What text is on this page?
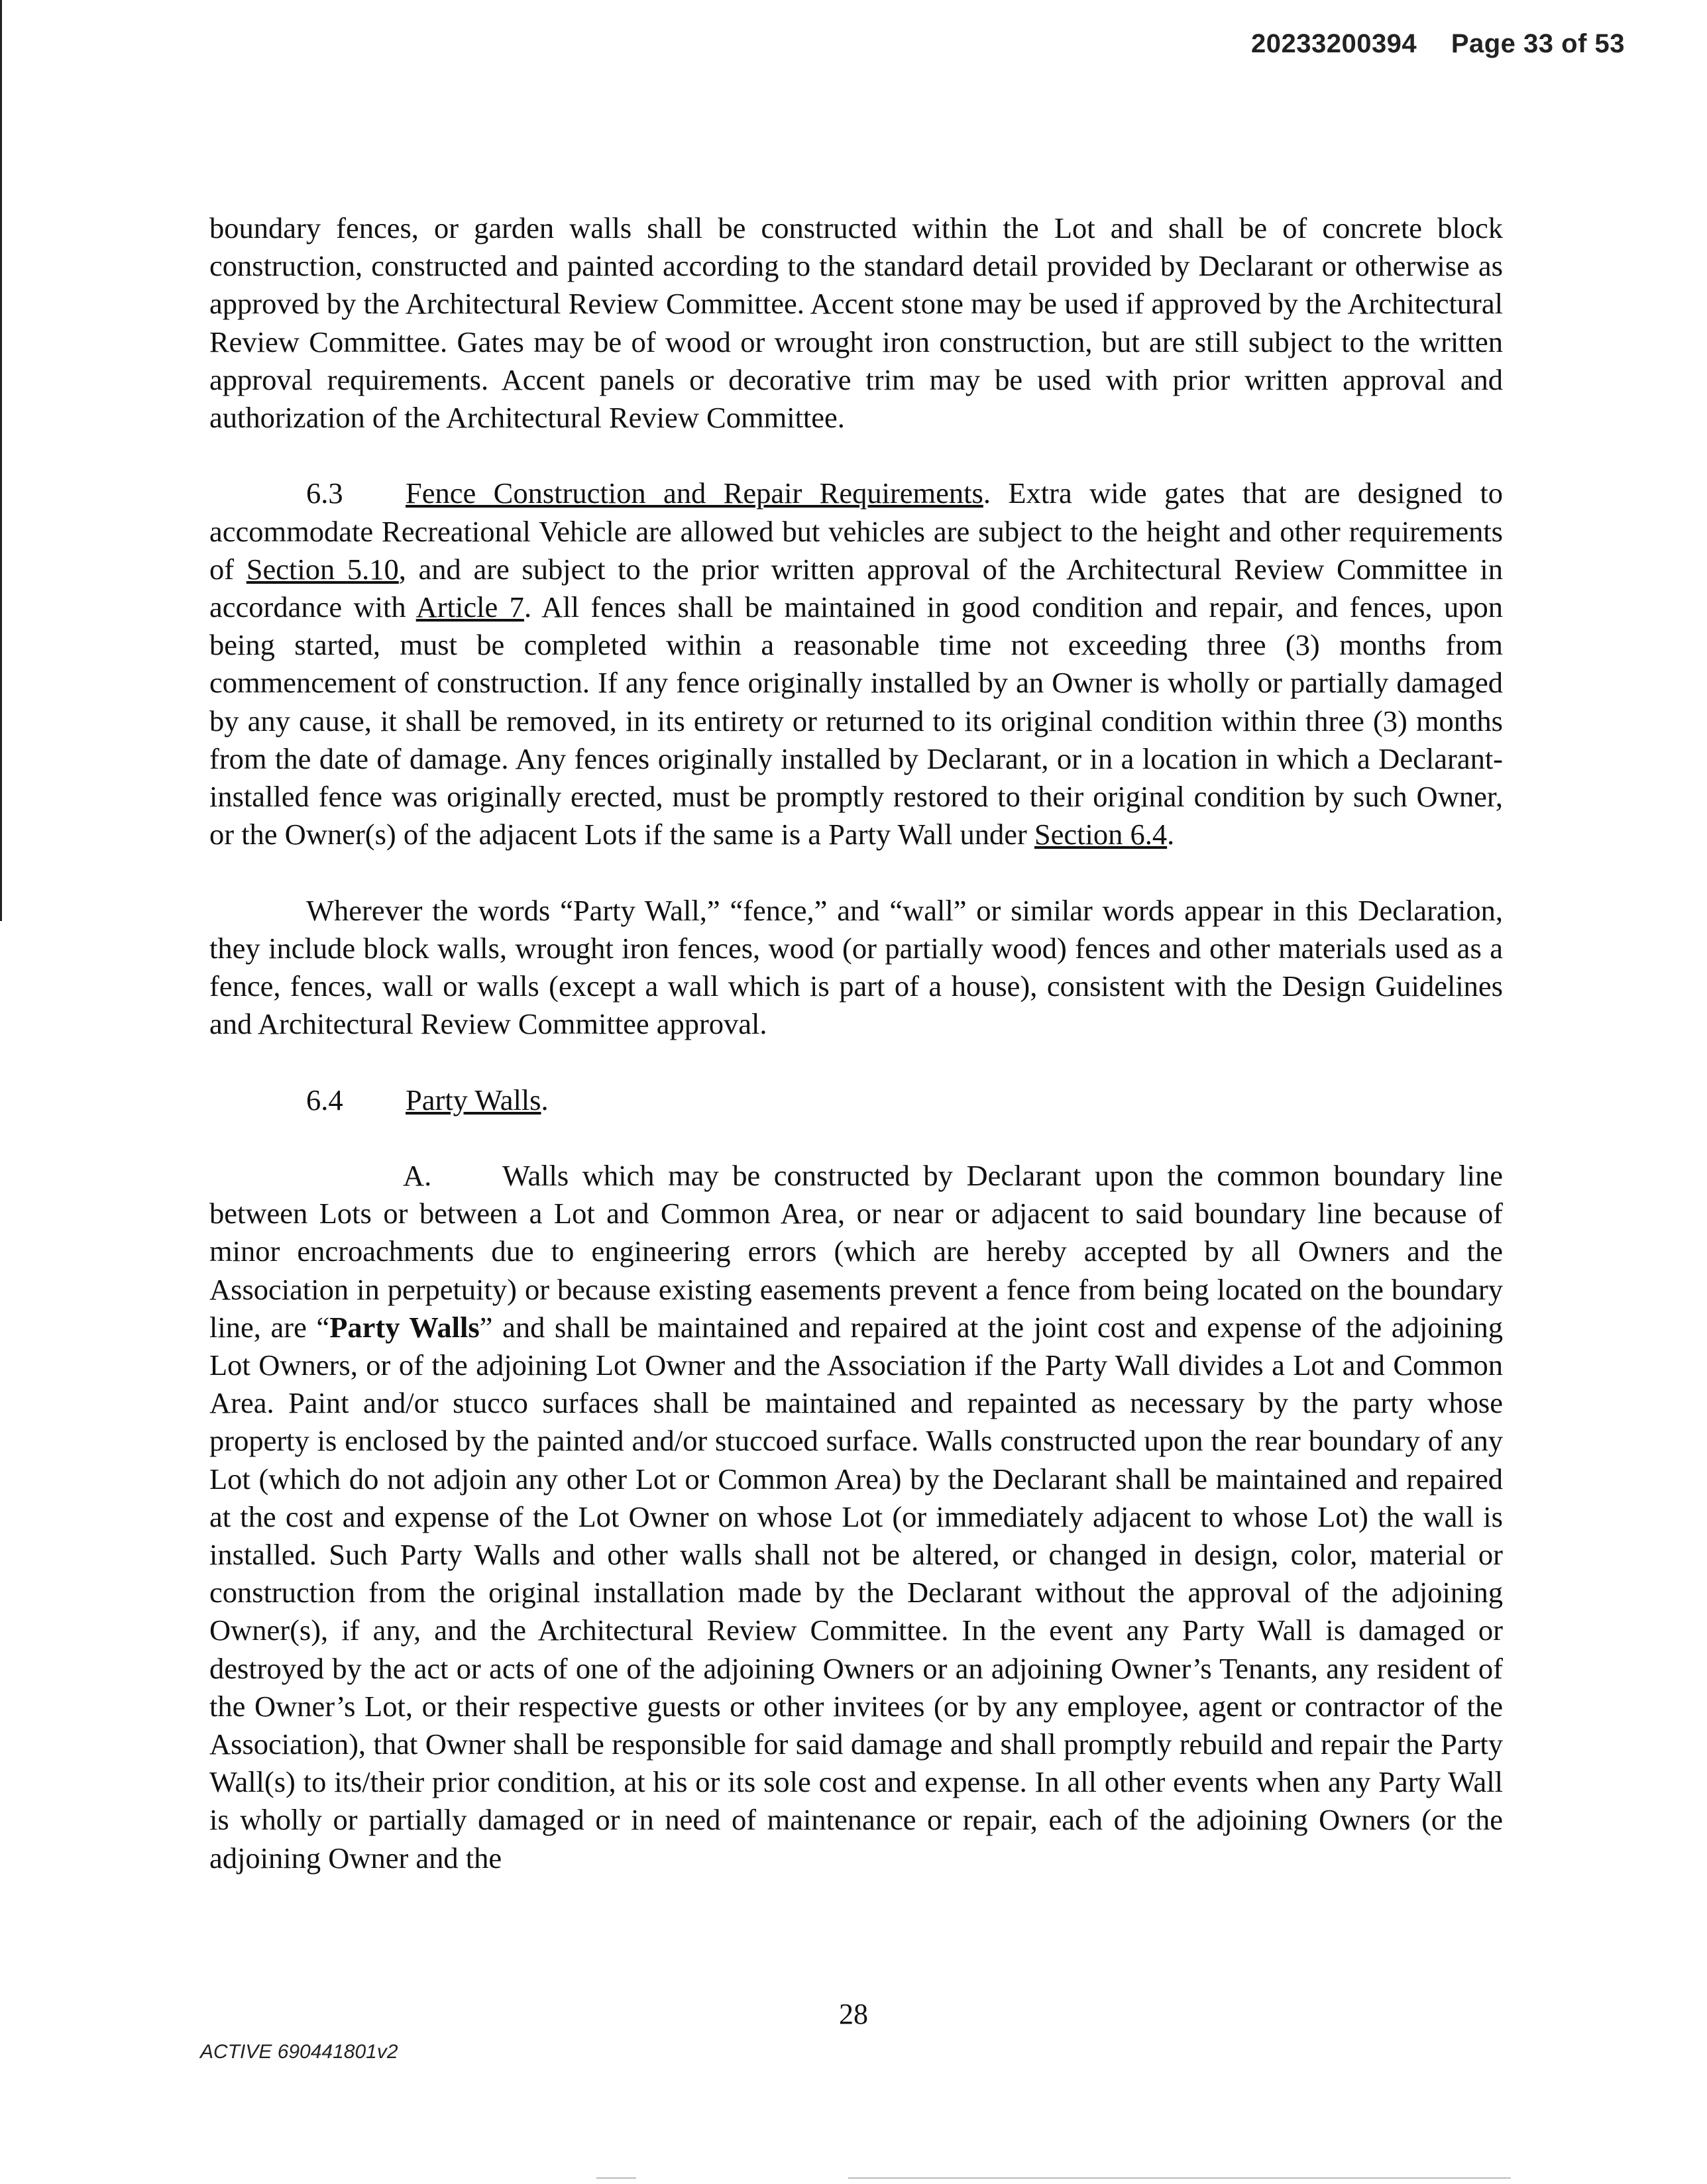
20233200394 Page 33 of 53

boundary fences, or garden walls shall be constructed within the Lot and shall be of concrete block construction, constructed and painted according to the standard detail provided by Declarant or otherwise as approved by the Architectural Review Committee. Accent stone may be used if approved by the Architectural Review Committee. Gates may be of wood or wrought iron construction, but are still subject to the written approval requirements. Accent panels or decorative trim may be used with prior written approval and authorization of the Architectural Review Committee.

6.3 Fence Construction and Repair Requirements. Extra wide gates that are designed to accommodate Recreational Vehicle are allowed but vehicles are subject to the height and other requirements of Section 5.10, and are subject to the prior written approval of the Architectural Review Committee in accordance with Article 7. All fences shall be maintained in good condition and repair, and fences, upon being started, must be completed within a reasonable time not exceeding three (3) months from commencement of construction. If any fence originally installed by an Owner is wholly or partially damaged by any cause, it shall be removed, in its entirety or returned to its original condition within three (3) months from the date of damage. Any fences originally installed by Declarant, or in a location in which a Declarant-installed fence was originally erected, must be promptly restored to their original condition by such Owner, or the Owner(s) of the adjacent Lots if the same is a Party Wall under Section 6.4.

Wherever the words “Party Wall,” “fence,” and “wall” or similar words appear in this Declaration, they include block walls, wrought iron fences, wood (or partially wood) fences and other materials used as a fence, fences, wall or walls (except a wall which is part of a house), consistent with the Design Guidelines and Architectural Review Committee approval.

6.4 Party Walls.

A. Walls which may be constructed by Declarant upon the common boundary line between Lots or between a Lot and Common Area, or near or adjacent to said boundary line because of minor encroachments due to engineering errors (which are hereby accepted by all Owners and the Association in perpetuity) or because existing easements prevent a fence from being located on the boundary line, are “Party Walls” and shall be maintained and repaired at the joint cost and expense of the adjoining Lot Owners, or of the adjoining Lot Owner and the Association if the Party Wall divides a Lot and Common Area. Paint and/or stucco surfaces shall be maintained and repainted as necessary by the party whose property is enclosed by the painted and/or stuccoed surface. Walls constructed upon the rear boundary of any Lot (which do not adjoin any other Lot or Common Area) by the Declarant shall be maintained and repaired at the cost and expense of the Lot Owner on whose Lot (or immediately adjacent to whose Lot) the wall is installed. Such Party Walls and other walls shall not be altered, or changed in design, color, material or construction from the original installation made by the Declarant without the approval of the adjoining Owner(s), if any, and the Architectural Review Committee. In the event any Party Wall is damaged or destroyed by the act or acts of one of the adjoining Owners or an adjoining Owner’s Tenants, any resident of the Owner’s Lot, or their respective guests or other invitees (or by any employee, agent or contractor of the Association), that Owner shall be responsible for said damage and shall promptly rebuild and repair the Party Wall(s) to its/their prior condition, at his or its sole cost and expense. In all other events when any Party Wall is wholly or partially damaged or in need of maintenance or repair, each of the adjoining Owners (or the adjoining Owner and the

28
ACTIVE 690441801v2
